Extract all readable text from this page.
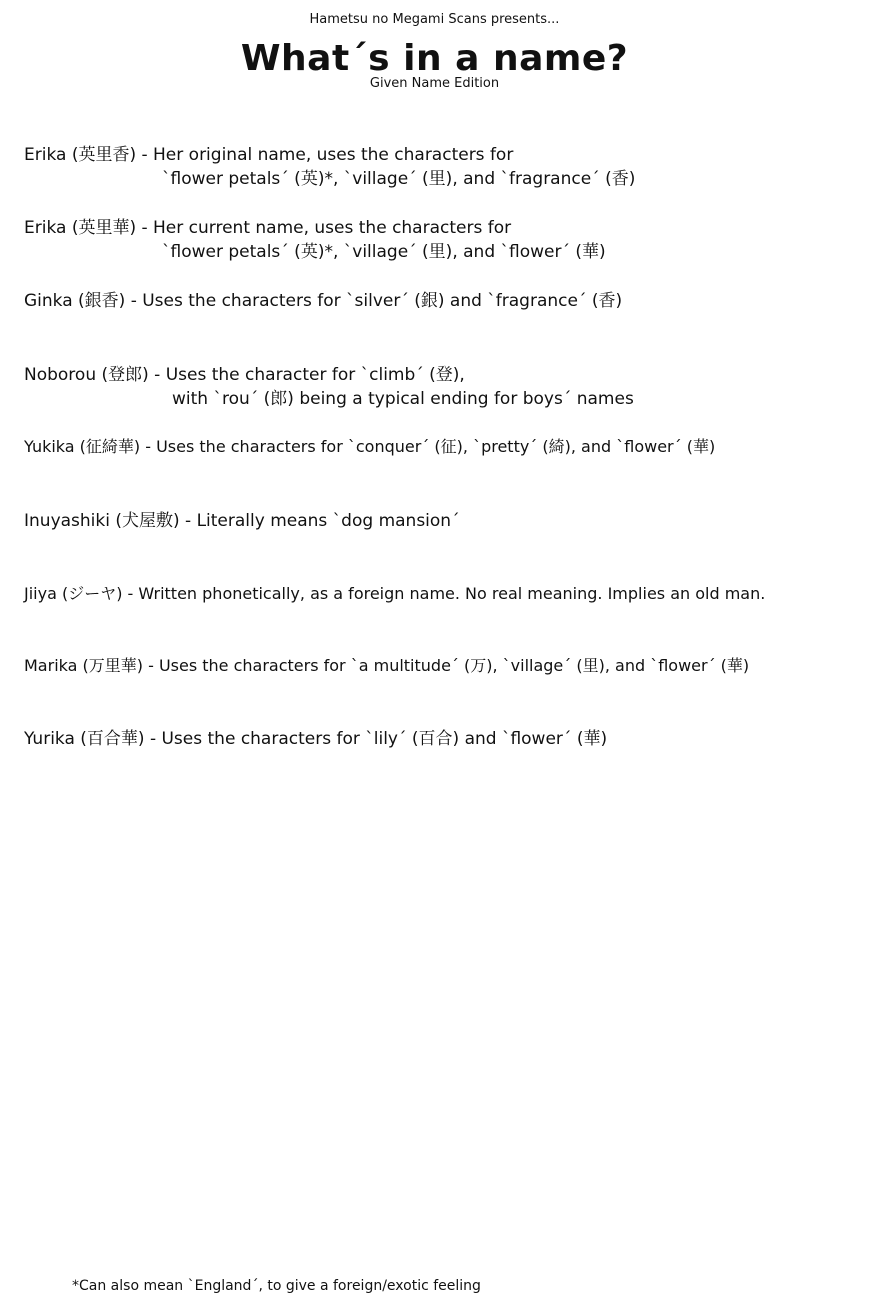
Hametsu no Megami Scans presents...
What´s in a name?
Given Name Edition
Erika (英里香) - Her original name, uses the characters for
`flower petals´ (英)*, `village´ (里), and `fragrance´ (香)
Erika (英里華) - Her current name, uses the characters for
`flower petals´ (英)*, `village´ (里), and `flower´ (華)
Ginka (銀香) - Uses the characters for `silver´ (銀) and `fragrance´ (香)
Noborou (登郎) - Uses the character for `climb´ (登),
with `rou´ (郎) being a typical ending for boys´ names
Yukika (征綺華) - Uses the characters for `conquer´ (征), `pretty´ (綺), and `flower´ (華)
Inuyashiki (犬屋敷) - Literally means `dog mansion´
Jiiya (ジーヤ) - Written phonetically, as a foreign name. No real meaning. Implies an old man.
Marika (万里華) - Uses the characters for `a multitude´ (万), `village´ (里), and `flower´ (華)
Yurika (百合華) - Uses the characters for `lily´ (百合) and `flower´ (華)
*Can also mean `England´, to give a foreign/exotic feeling
